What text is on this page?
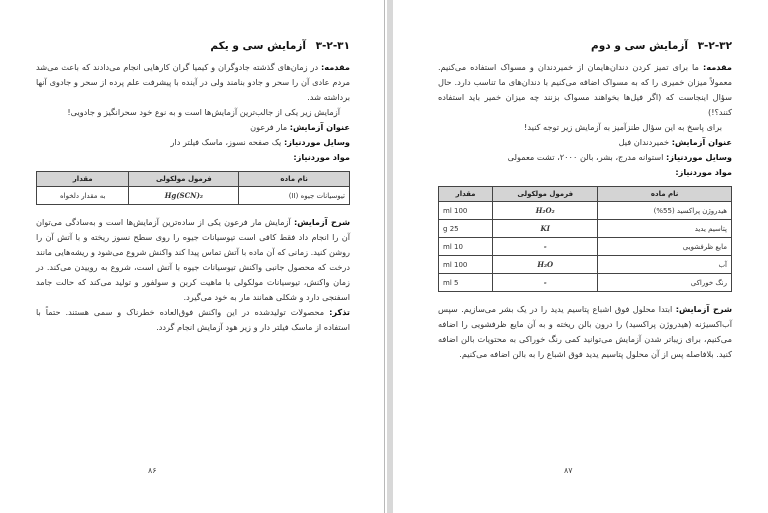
۳-۲-۳۱ آزمایش سی و یکم

مقدمه: در زمان‌های گذشته جادوگران و کیمیا گران کارهایی انجام می‌دادند که باعث می‌شد مردم عادی آن را سحر و جادو بنامند ولی در آینده با پیشرفت علم پرده از سحر و جادوی آنها برداشته شد.

آزمایش زیر یکی از جالب‌ترین آزمایش‌ها است و به نوع خود سحرانگیز و جادویی!

عنوان آزمایش: مار فرعون

وسایل موردنیاز: یک صفحه نسوز، ماسک فیلتر دار

مواد موردنیاز:

نام ماده	فرمول مولکولی	مقدار
تیوسیانات جیوه (II)	Hg(SCN)₂	به مقدار دلخواه

شرح آزمایش: آزمایش مار فرعون یکی از ساده‌ترین آزمایش‌ها است و به‌سادگی می‌توان آن را انجام داد فقط کافی است تیوسیانات جیوه را روی سطح نسوز ریخته و با آتش آن را روشن کنید. زمانی که آن ماده با آتش تماس پیدا کند واکنش شروع می‌شود و ریشه‌هایی مانند درخت که محصول جانبی واکنش تیوسیانات جیوه با آتش است، شروع به روییدن می‌کند. در زمان واکنش، تیوسیانات مولکولی با ماهیت کربن و سولفور و تولید می‌کند که حالت جامد اسفنجی دارد و شکلی همانند مار به خود می‌گیرد.

تذکر: محصولات تولیدشده در این واکنش فوق‌العاده خطرناک و سمی هستند. حتماً با استفاده از ماسک فیلتر دار و زیر هود آزمایش انجام گردد.

۸۶
۳-۲-۳۲ آزمایش سی و دوم

مقدمه: ما برای تمیز کردن دندان‌هایمان از خمیردندان و مسواک استفاده می‌کنیم. معمولاً میزان خمیری را که به مسواک اضافه می‌کنیم با دندان‌های ما تناسب دارد. حال سؤال اینجاست که (اگر فیل‌ها بخواهند مسواک بزنند چه میزان خمیر باید استفاده کنند؟!)

برای پاسخ به این سؤال طنزآمیز به آزمایش زیر توجه کنید!

عنوان آزمایش: خمیردندان فیل

وسایل موردنیاز: استوانه مدرج، بشر، بالن ۲۰۰۰، تشت معمولی

مواد موردنیاز:

نام ماده	فرمول مولکولی	مقدار
هیدروژن پراکسید (55%)	H₂O₂	100 ml
پتاسیم یدید	KI	25 g
مایع ظرفشویی	-	10 ml
آب	H₂O	100 ml
رنگ خوراکی	-	5 ml

شرح آزمایش: ابتدا محلول فوق اشباع پتاسیم یدید را در یک بشر می‌سازیم. سپس آب‌اکسیژنه (هیدروژن پراکسید) را درون بالن ریخته و به آن مایع ظرفشویی را اضافه می‌کنیم، برای زیباتر شدن آزمایش می‌توانید کمی رنگ خوراکی به محتویات بالن اضافه کنید. بلافاصله پس از آن محلول پتاسیم یدید فوق اشباع را به بالن اضافه می‌کنیم.

۸۷
